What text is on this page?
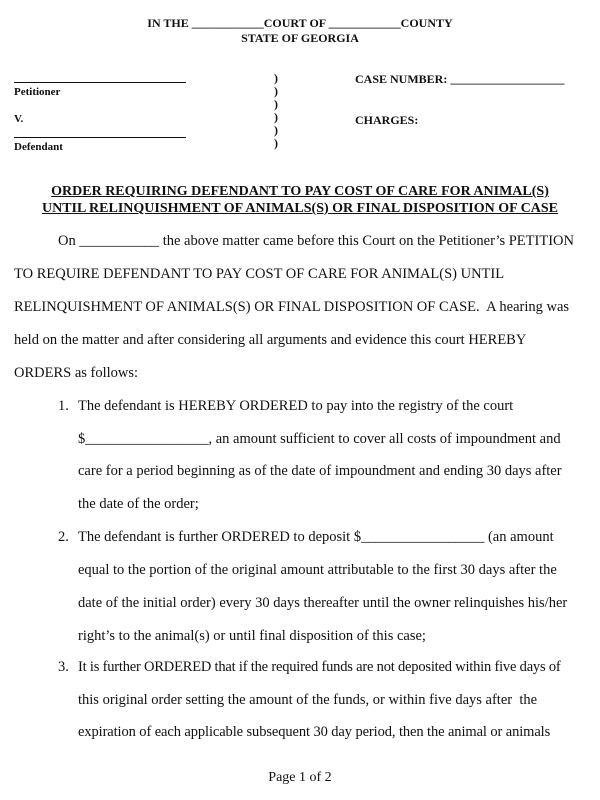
IN THE ____________COURT OF ____________COUNTY

STATE OF GEORGIA

Petitioner
V.
Defendant
)
)
)
)
)
)
CASE NUMBER: ___________________
CHARGES:

ORDER REQUIRING DEFENDANT TO PAY COST OF CARE FOR ANIMAL(S)

UNTIL RELINQUISHMENT OF ANIMALS(S) OR FINAL DISPOSITION OF CASE

On ___________ the above matter came before this Court on the Petitioner’s PETITION

TO REQUIRE DEFENDANT TO PAY COST OF CARE FOR ANIMAL(S) UNTIL

RELINQUISHMENT OF ANIMALS(S) OR FINAL DISPOSITION OF CASE.  A hearing was

held on the matter and after considering all arguments and evidence this court HEREBY

ORDERS as follows:

1. The defendant is HEREBY ORDERED to pay into the registry of the court

$_________________, an amount sufficient to cover all costs of impoundment and

care for a period beginning as of the date of impoundment and ending 30 days after

the date of the order;

2. The defendant is further ORDERED to deposit $_________________ (an amount

equal to the portion of the original amount attributable to the first 30 days after the

date of the initial order) every 30 days thereafter until the owner relinquishes his/her

right’s to the animal(s) or until final disposition of this case;

3. It is further ORDERED that if the required funds are not deposited within five days of

this original order setting the amount of the funds, or within five days after  the

expiration of each applicable subsequent 30 day period, then the animal or animals

Page 1 of 2
